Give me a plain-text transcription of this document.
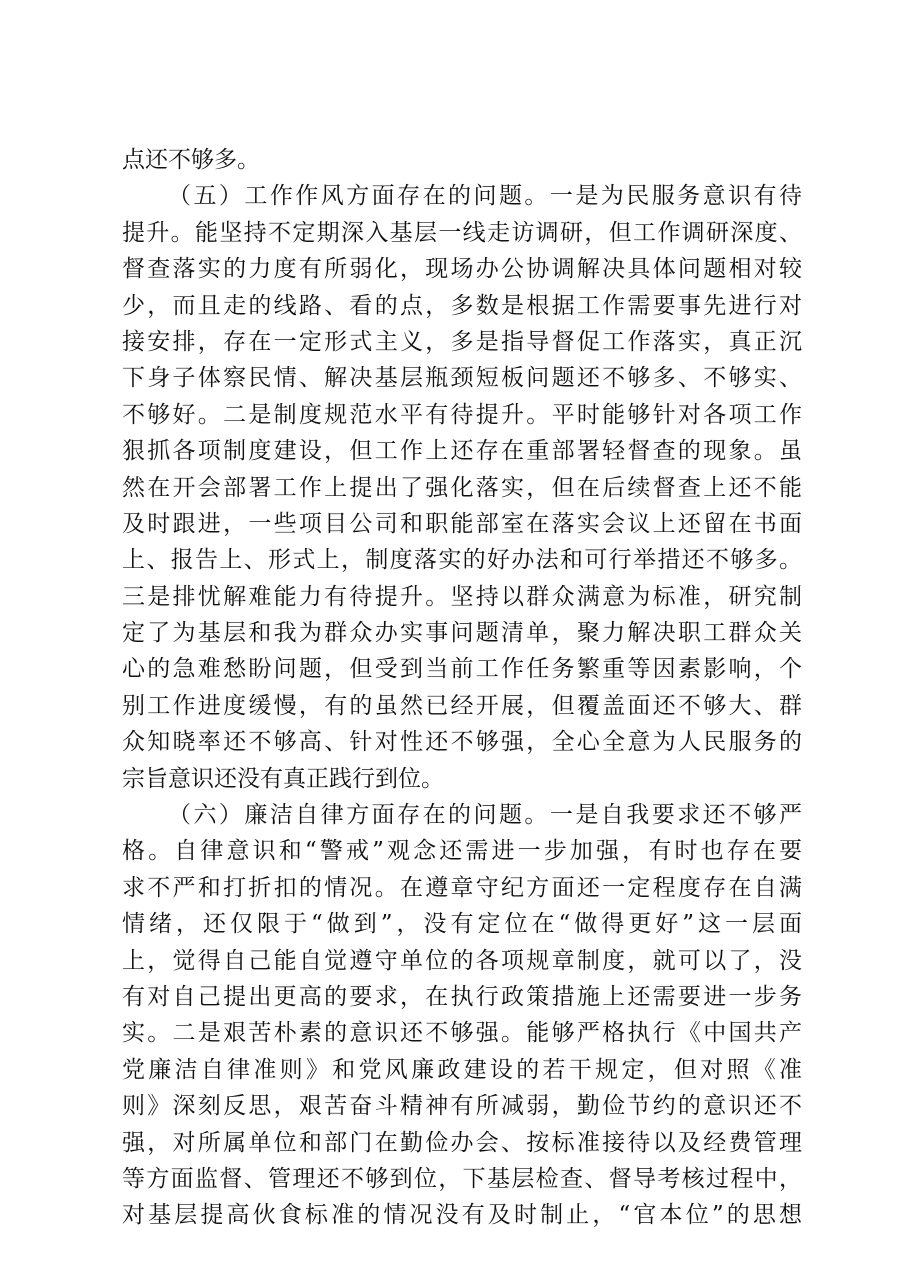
点还不够多。
（五）工作作风方面存在的问题。一是为民服务意识有待
提升。能坚持不定期深入基层一线走访调研，但工作调研深度、
督查落实的力度有所弱化，现场办公协调解决具体问题相对较
少，而且走的线路、看的点，多数是根据工作需要事先进行对
接安排，存在一定形式主义，多是指导督促工作落实，真正沉
下身子体察民情、解决基层瓶颈短板问题还不够多、不够实、
不够好。二是制度规范水平有待提升。平时能够针对各项工作
狠抓各项制度建设，但工作上还存在重部署轻督查的现象。虽
然在开会部署工作上提出了强化落实，但在后续督查上还不能
及时跟进，一些项目公司和职能部室在落实会议上还留在书面
上、报告上、形式上，制度落实的好办法和可行举措还不够多。
三是排忧解难能力有待提升。坚持以群众满意为标准，研究制
定了为基层和我为群众办实事问题清单，聚力解决职工群众关
心的急难愁盼问题，但受到当前工作任务繁重等因素影响，个
别工作进度缓慢，有的虽然已经开展，但覆盖面还不够大、群
众知晓率还不够高、针对性还不够强，全心全意为人民服务的
宗旨意识还没有真正践行到位。
（六）廉洁自律方面存在的问题。一是自我要求还不够严
格。自律意识和“警戒”观念还需进一步加强，有时也存在要
求不严和打折扣的情况。在遵章守纪方面还一定程度存在自满
情绪，还仅限于“做到”，没有定位在“做得更好”这一层面
上，觉得自己能自觉遵守单位的各项规章制度，就可以了，没
有对自己提出更高的要求，在执行政策措施上还需要进一步务
实。二是艰苦朴素的意识还不够强。能够严格执行《中国共产
党廉洁自律准则》和党风廉政建设的若干规定，但对照《准
则》深刻反思，艰苦奋斗精神有所减弱，勤俭节约的意识还不
强，对所属单位和部门在勤俭办会、按标准接待以及经费管理
等方面监督、管理还不够到位，下基层检查、督导考核过程中，
对基层提高伙食标准的情况没有及时制止，“官本位”的思想
